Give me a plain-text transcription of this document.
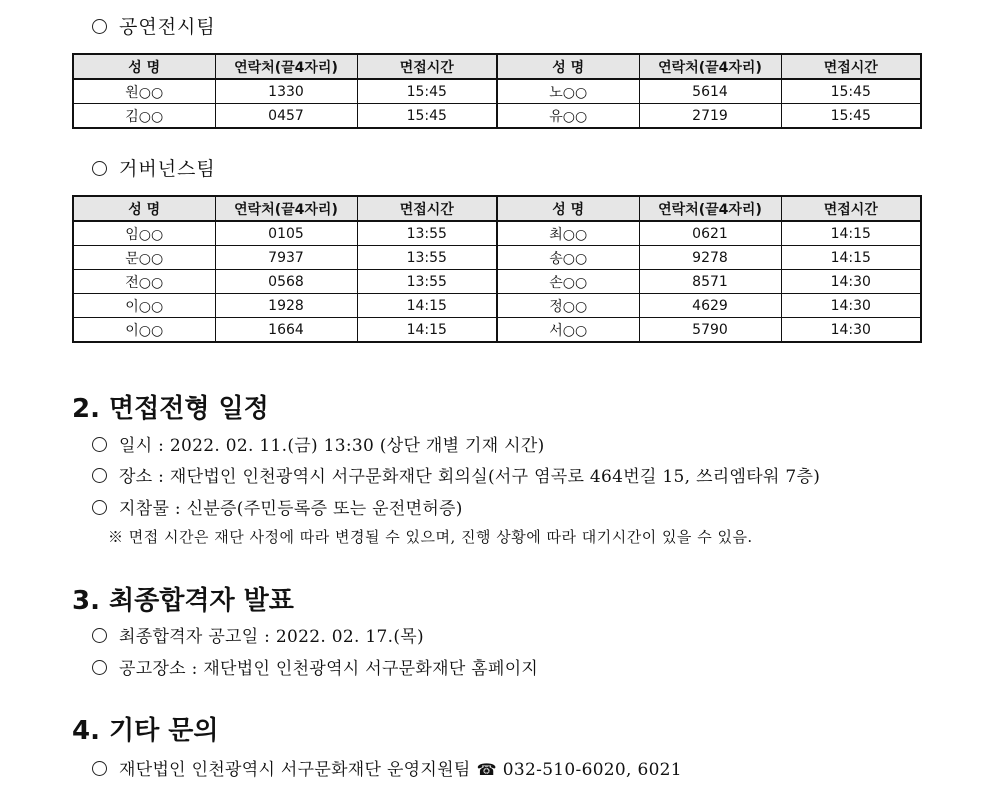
공연전시팀
성 명	연락처(끝4자리)	면접시간	성 명	연락처(끝4자리)	면접시간
원○○	1330	15:45	노○○	5614	15:45
김○○	0457	15:45	유○○	2719	15:45
거버넌스팀
성 명	연락처(끝4자리)	면접시간	성 명	연락처(끝4자리)	면접시간
임○○	0105	13:55	최○○	0621	14:15
문○○	7937	13:55	송○○	9278	14:15
전○○	0568	13:55	손○○	8571	14:30
이○○	1928	14:15	정○○	4629	14:30
이○○	1664	14:15	서○○	5790	14:30
2. 면접전형 일정
일시 : 2022. 02. 11.(금) 13:30 (상단 개별 기재 시간)
장소 : 재단법인 인천광역시 서구문화재단 회의실(서구 염곡로 464번길 15, 쓰리엠타워 7층)
지참물 : 신분증(주민등록증 또는 운전면허증)
※ 면접 시간은 재단 사정에 따라 변경될 수 있으며, 진행 상황에 따라 대기시간이 있을 수 있음.
3. 최종합격자 발표
최종합격자 공고일 : 2022. 02. 17.(목)
공고장소 : 재단법인 인천광역시 서구문화재단 홈페이지
4. 기타 문의
재단법인 인천광역시 서구문화재단 운영지원팀 ☎ 032-510-6020, 6021
